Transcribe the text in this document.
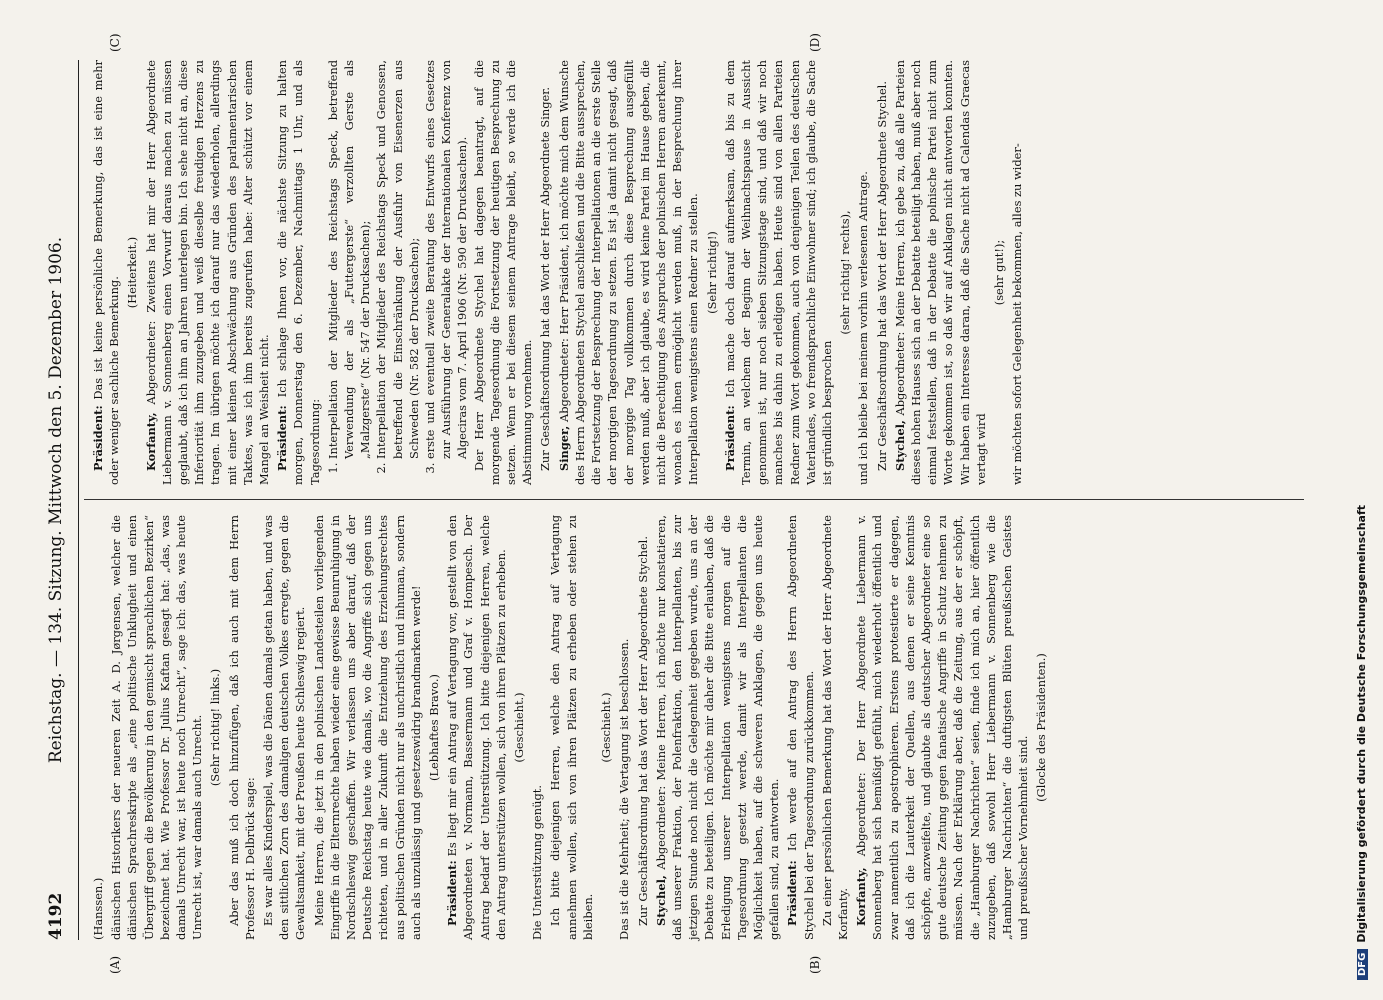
4192
Reichstag. — 134. Sitzung. Mittwoch den 5. Dezember 1906.
(A)	(B)
(C)	(D)

(Hanssen.) dänischen Historikers der neueren Zeit A. D. Jørgensen, welcher die dänischen Sprachreskripte als „eine politische Unklugheit und einen Übergriff gegen die Bevölkerung in den gemischt sprachlichen Bezirken“ bezeichnet hat. Wie Professor Dr. Julius Kaftan gesagt hat: „das, was damals Unrecht war, ist heute noch Unrecht“, sage ich: das, was heute Unrecht ist, war damals auch Unrecht. (Sehr richtig! links.) Aber das muß ich doch hinzufügen, daß ich auch mit dem Herrn Professor H. Delbrück sage: Es war alles Kinderspiel, was die Dänen damals getan haben, und was den sittlichen Zorn des damaligen deutschen Volkes erregte, gegen die Gewaltsamkeit, mit der Preußen heute Schleswig regiert. Meine Herren, die jetzt in den polnischen Landesteilen vorliegenden Eingriffe in die Elternrechte haben wieder eine gewisse Beunruhigung in Nordschleswig geschaffen. Wir verlassen uns aber darauf, daß der Deutsche Reichstag heute wie damals, wo die Angriffe sich gegen uns richteten, und in aller Zukunft die Entziehung des Erziehungsrechtes aus politischen Gründen nicht nur als unchristlich und inhuman, sondern auch als unzulässig und gesetzeswidrig brandmarken werde! (Lebhaftes Bravo.)

Präsident: Es liegt mir ein Antrag auf Vertagung vor, gestellt von den Abgeordneten v. Normann, Bassermann und Graf v. Hompesch. Der Antrag bedarf der Unterstützung. Ich bitte diejenigen Herren, welche den Antrag unterstützen wollen, sich von ihren Plätzen zu erheben. (Geschieht.)

Die Unterstützung genügt. Ich bitte diejenigen Herren, welche den Antrag auf Vertagung annehmen wollen, sich von ihren Plätzen zu erheben oder stehen zu bleiben.

(Geschieht.) Das ist die Mehrheit; die Vertagung ist beschlossen. Zur Geschäftsordnung hat das Wort der Herr Abgeordnete Stychel. Stychel, Abgeordneter: Meine Herren, ich möchte nur konstatieren, daß unserer Fraktion, der Polenfraktion, den Interpellanten, bis zur jetzigen Stunde noch nicht die Gelegenheit gegeben wurde, uns an der Debatte zu beteiligen. Ich möchte mir daher die Bitte erlauben, daß die Erledigung unserer Interpellation wenigstens morgen auf die Tagesordnung gesetzt werde, damit wir als Interpellanten die Möglichkeit haben, auf die schweren Anklagen, die gegen uns heute gefallen sind, zu antworten. Präsident: Ich werde auf den Antrag des Herrn Abgeordneten Stychel bei der Tagesordnung zurückkommen. Zu einer persönlichen Bemerkung hat das Wort der Herr Abgeordnete Korfanty. Korfanty, Abgeordneter: Der Herr Abgeordnete Liebermann v. Sonnenberg hat sich bemüßigt gefühlt, mich wiederholt öffentlich und zwar namentlich zu apostrophieren. Erstens protestierte er dagegen, daß ich die Lauterkeit der Quellen, aus denen er seine Kenntnis schöpfte, anzweifelte, und glaubte als deutscher Abgeordneter eine so gute deutsche Zeitung gegen fanatische Angriffe in Schutz nehmen zu müssen. Nach der Erklärung aber, daß die Zeitung, aus der er schöpft, die „Hamburger Nachrichten“ seien, finde ich mich an, hier öffentlich zuzugeben, daß sowohl Herr Liebermann v. Sonnenberg wie die „Hamburger Nachrichten“ die duftigsten Blüten preußischen Geistes und preußischer Vornehmheit sind.

(Glocke des Präsidenten.)

Präsident: Das ist keine persönliche Bemerkung, das ist eine mehr oder weniger sachliche Bemerkung.

(Heiterkeit.)

Korfanty, Abgeordneter: Zweitens hat mir der Herr Abgeordnete Liebermann v. Sonnenberg einen Vorwurf daraus machen zu müssen geglaubt, daß ich ihm an Jahren unterlegen bin. Ich sehe nicht an, diese Inferiorität ihm zuzugeben und weiß dieselbe freudigen Herzens zu tragen. Im übrigen möchte ich darauf nur das wiederholen, allerdings mit einer kleinen Abschwächung aus Gründen des parlamentarischen Taktes, was ich ihm bereits zugerufen habe: Alter schützt vor einem Mangel an Weisheit nicht. Präsident: Ich schlage Ihnen vor, die nächste Sitzung zu halten morgen, Donnerstag den 6. Dezember, Nachmittags 1 Uhr, und als Tagesordnung: 1. Interpellation der Mitglieder des Reichstags Speck, betreffend Verwendung der als „Futtergerste“ verzollten Gerste als „Malzgerste“ (Nr. 547 der Drucksachen); 2. Interpellation der Mitglieder des Reichstags Speck und Genossen, betreffend die Einschränkung der Ausfuhr von Eisenerzen aus Schweden (Nr. 582 der Drucksachen); 3. erste und eventuell zweite Beratung des Entwurfs eines Gesetzes zur Ausführung der Generalakte der Internationalen Konferenz von Algeciras vom 7. April 1906 (Nr. 590 der Drucksachen). Der Herr Abgeordnete Stychel hat dagegen beantragt, auf die morgende Tagesordnung die Fortsetzung der heutigen Besprechung zu setzen. Wenn er bei diesem seinem Antrage bleibt, so werde ich die Abstimmung vornehmen. Zur Geschäftsordnung hat das Wort der Herr Abgeordnete Singer. Singer, Abgeordneter: Herr Präsident, ich möchte mich dem Wunsche des Herrn Abgeordneten Stychel anschließen und die Bitte aussprechen, die Fortsetzung der Besprechung der Interpellationen an die erste Stelle der morgigen Tagesordnung zu setzen. Es ist ja damit nicht gesagt, daß der morgige Tag vollkommen durch diese Besprechung ausgefüllt werden muß, aber ich glaube, es wird keine Partei im Hause geben, die nicht die Berechtigung des Anspruchs der polnischen Herren anerkennt, wonach es ihnen ermöglicht werden muß, in der Besprechung ihrer Interpellation wenigstens einen Redner zu stellen. (Sehr richtig!)

Präsident: Ich mache doch darauf aufmerksam, daß bis zu dem Termin, an welchem der Beginn der Weihnachtspause in Aussicht genommen ist, nur noch sieben Sitzungstage sind, und daß wir noch manches bis dahin zu erledigen haben. Heute sind von allen Parteien Redner zum Wort gekommen, auch von denjenigen Teilen des deutschen Vaterlandes, wo fremdsprachliche Einwohner sind; ich glaube, die Sache ist gründlich besprochen

(sehr richtig! rechts), und ich bleibe bei meinem vorhin verlesenen Antrage. Zur Geschäftsordnung hat das Wort der Herr Abgeordnete Stychel. Stychel, Abgeordneter: Meine Herren, ich gebe zu, daß alle Parteien dieses hohen Hauses sich an der Debatte beteiligt haben, muß aber noch einmal feststellen, daß in der Debatte die polnische Partei nicht zum Worte gekommen ist, so daß wir auf Anklagen nicht antworten konnten. Wir haben ein Interesse daran, daß die Sache nicht ad Calendas Graecas vertagt wird

(sehr gut!); wir möchten sofort Gelegenheit bekommen, alles zu wider-

DFGDigitalisierung gefördert durch die Deutsche Forschungsgemeinschaft
